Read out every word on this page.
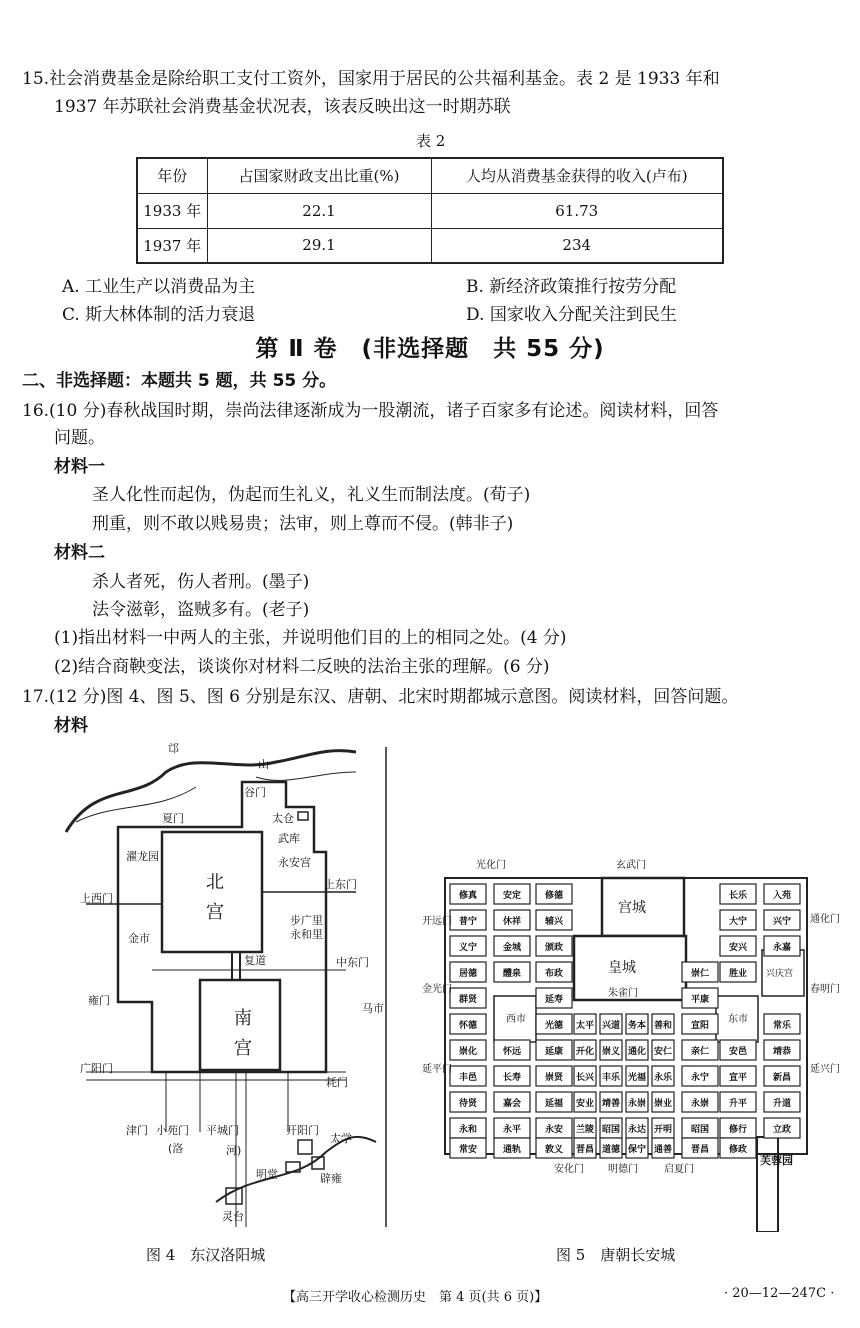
15.社会消费基金是除给职工支付工资外，国家用于居民的公共福利基金。表 2 是 1933 年和
1937 年苏联社会消费基金状况表，该表反映出这一时期苏联
表 2
年份	占国家财政支出比重(%)	人均从消费基金获得的收入(卢布)
1933 年	22.1	61.73
1937 年	29.1	234
A. 工业生产以消费品为主	B. 新经济政策推行按劳分配
C. 斯大林体制的活力衰退	D. 国家收入分配关注到民生
第 Ⅱ 卷　(非选择题　共 55 分)
二、非选择题：本题共 5 题，共 55 分。
16.(10 分)春秋战国时期，崇尚法律逐渐成为一股潮流，诸子百家多有论述。阅读材料，回答
问题。
材料一
圣人化性而起伪，伪起而生礼义，礼义生而制法度。(荀子)
刑重，则不敢以贱易贵；法审，则上尊而不侵。(韩非子)
材料二
杀人者死，伤人者刑。(墨子)
法令滋彰，盗贼多有。(老子)
(1)指出材料一中两人的主张，并说明他们目的上的相同之处。(4 分)
(2)结合商鞅变法，谈谈你对材料二反映的法治主张的理解。(6 分)
17.(12 分)图 4、图 5、图 6 分别是东汉、唐朝、北宋时期都城示意图。阅读材料，回答问题。
材料
邙
山
谷门
夏门	太仓
武库
永安宫
濯龙园
北
宫
上西门
上东门
步广里
永和里
金市
复道	中东门
雍门
马市
南
宫
广阳门
耗门
津门 小苑门 平城门	开阳门
(洛	河)
太学
明堂	辟雍
灵台
修真	安定	修德
普宁	休祥	辅兴
义宁	金城	颁政
居德	醴泉	布政
群贤	延寿
怀德	光德
崇化	怀远	延康
丰邑	长寿	崇贤
待贤	嘉会	延福
永和	永平	永安
常安	通轨	敦义
太平 兴道 务本 善和
开化 崇义 通化 安仁
长兴 丰乐 光福 永乐
安业 靖善 永崇 崇业
兰陵 昭国 永达 开明
晋昌 道德 保宁 通善
长乐	入苑
大宁	兴宁
安兴	永嘉
崇仁 胜业
平康
宣阳	常乐
亲仁 安邑	靖恭
永宁 宣平	新昌
永崇 升平	升道
昭国 修行	立政
晋昌 修政
光化门	玄武门
宫城
皇城
朱雀门
西市	东市
兴庆宫
开远门
金光门
延平门
通化门
春明门
延兴门
安化门 明德门	启夏门
芙蓉园
图 4　东汉洛阳城	图 5　唐朝长安城
【高三开学收心检测历史　第 4 页(共 6 页)】	· 20—12—247C ·
